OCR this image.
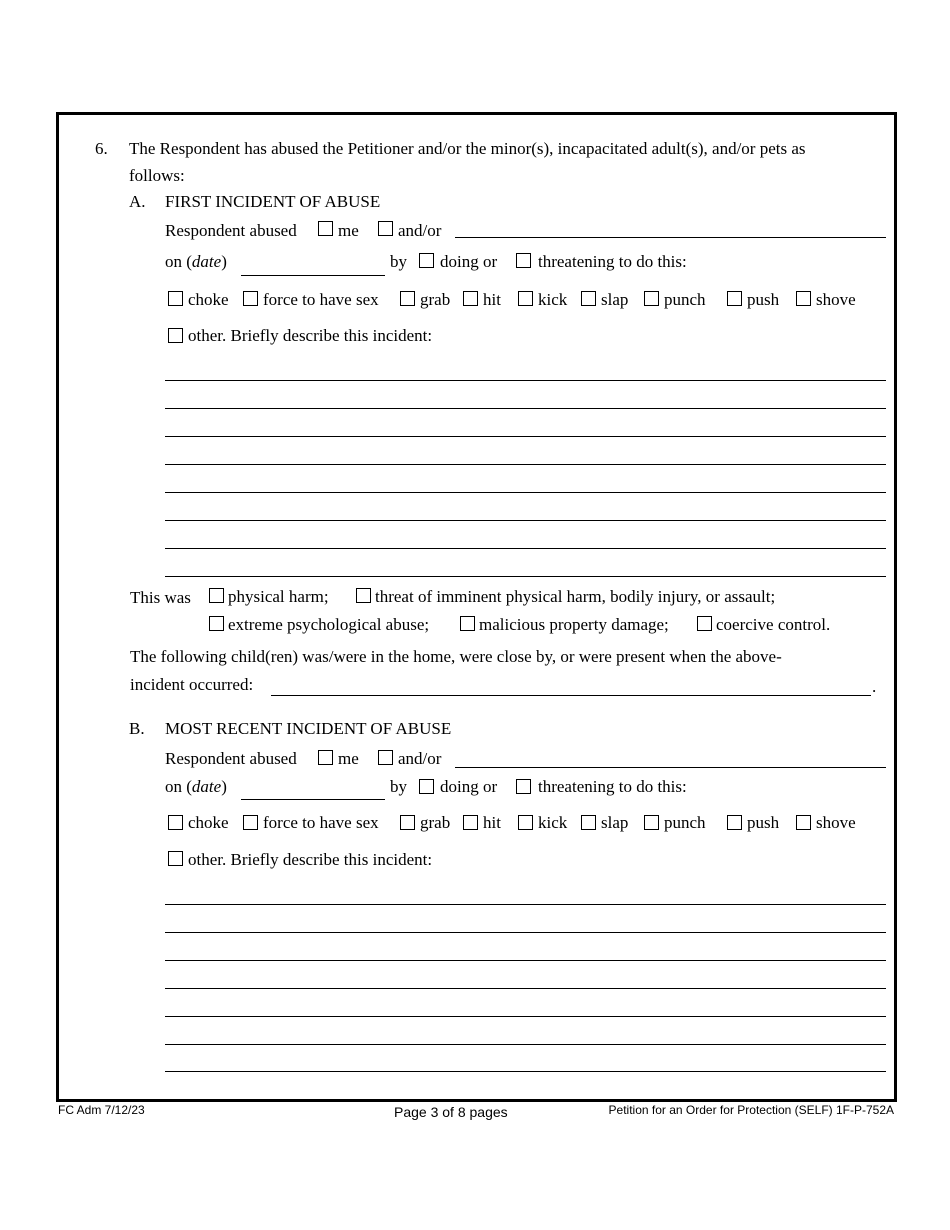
6. The Respondent has abused the Petitioner and/or the minor(s), incapacitated adult(s), and/or pets as
follows:
A. FIRST INCIDENT OF ABUSE
Respondent abused me and/or
on (date)	by doing or threatening to do this:
choke force to have sex grab hit kick slap punch push shove
other. Briefly describe this incident:
This was physical harm;	threat of imminent physical harm, bodily injury, or assault;
extreme psychological abuse;	malicious property damage;	coercive control.
The following child(ren) was/were in the home, were close by, or were present when the above-
incident occurred:	.
B. MOST RECENT INCIDENT OF ABUSE
Respondent abused me and/or
on (date)	by doing or threatening to do this:
choke force to have sex grab hit kick slap punch push shove
other. Briefly describe this incident:
FC Adm 7/12/23	Page 3 of 8 pages	Petition for an Order for Protection (SELF) 1F-P-752A
